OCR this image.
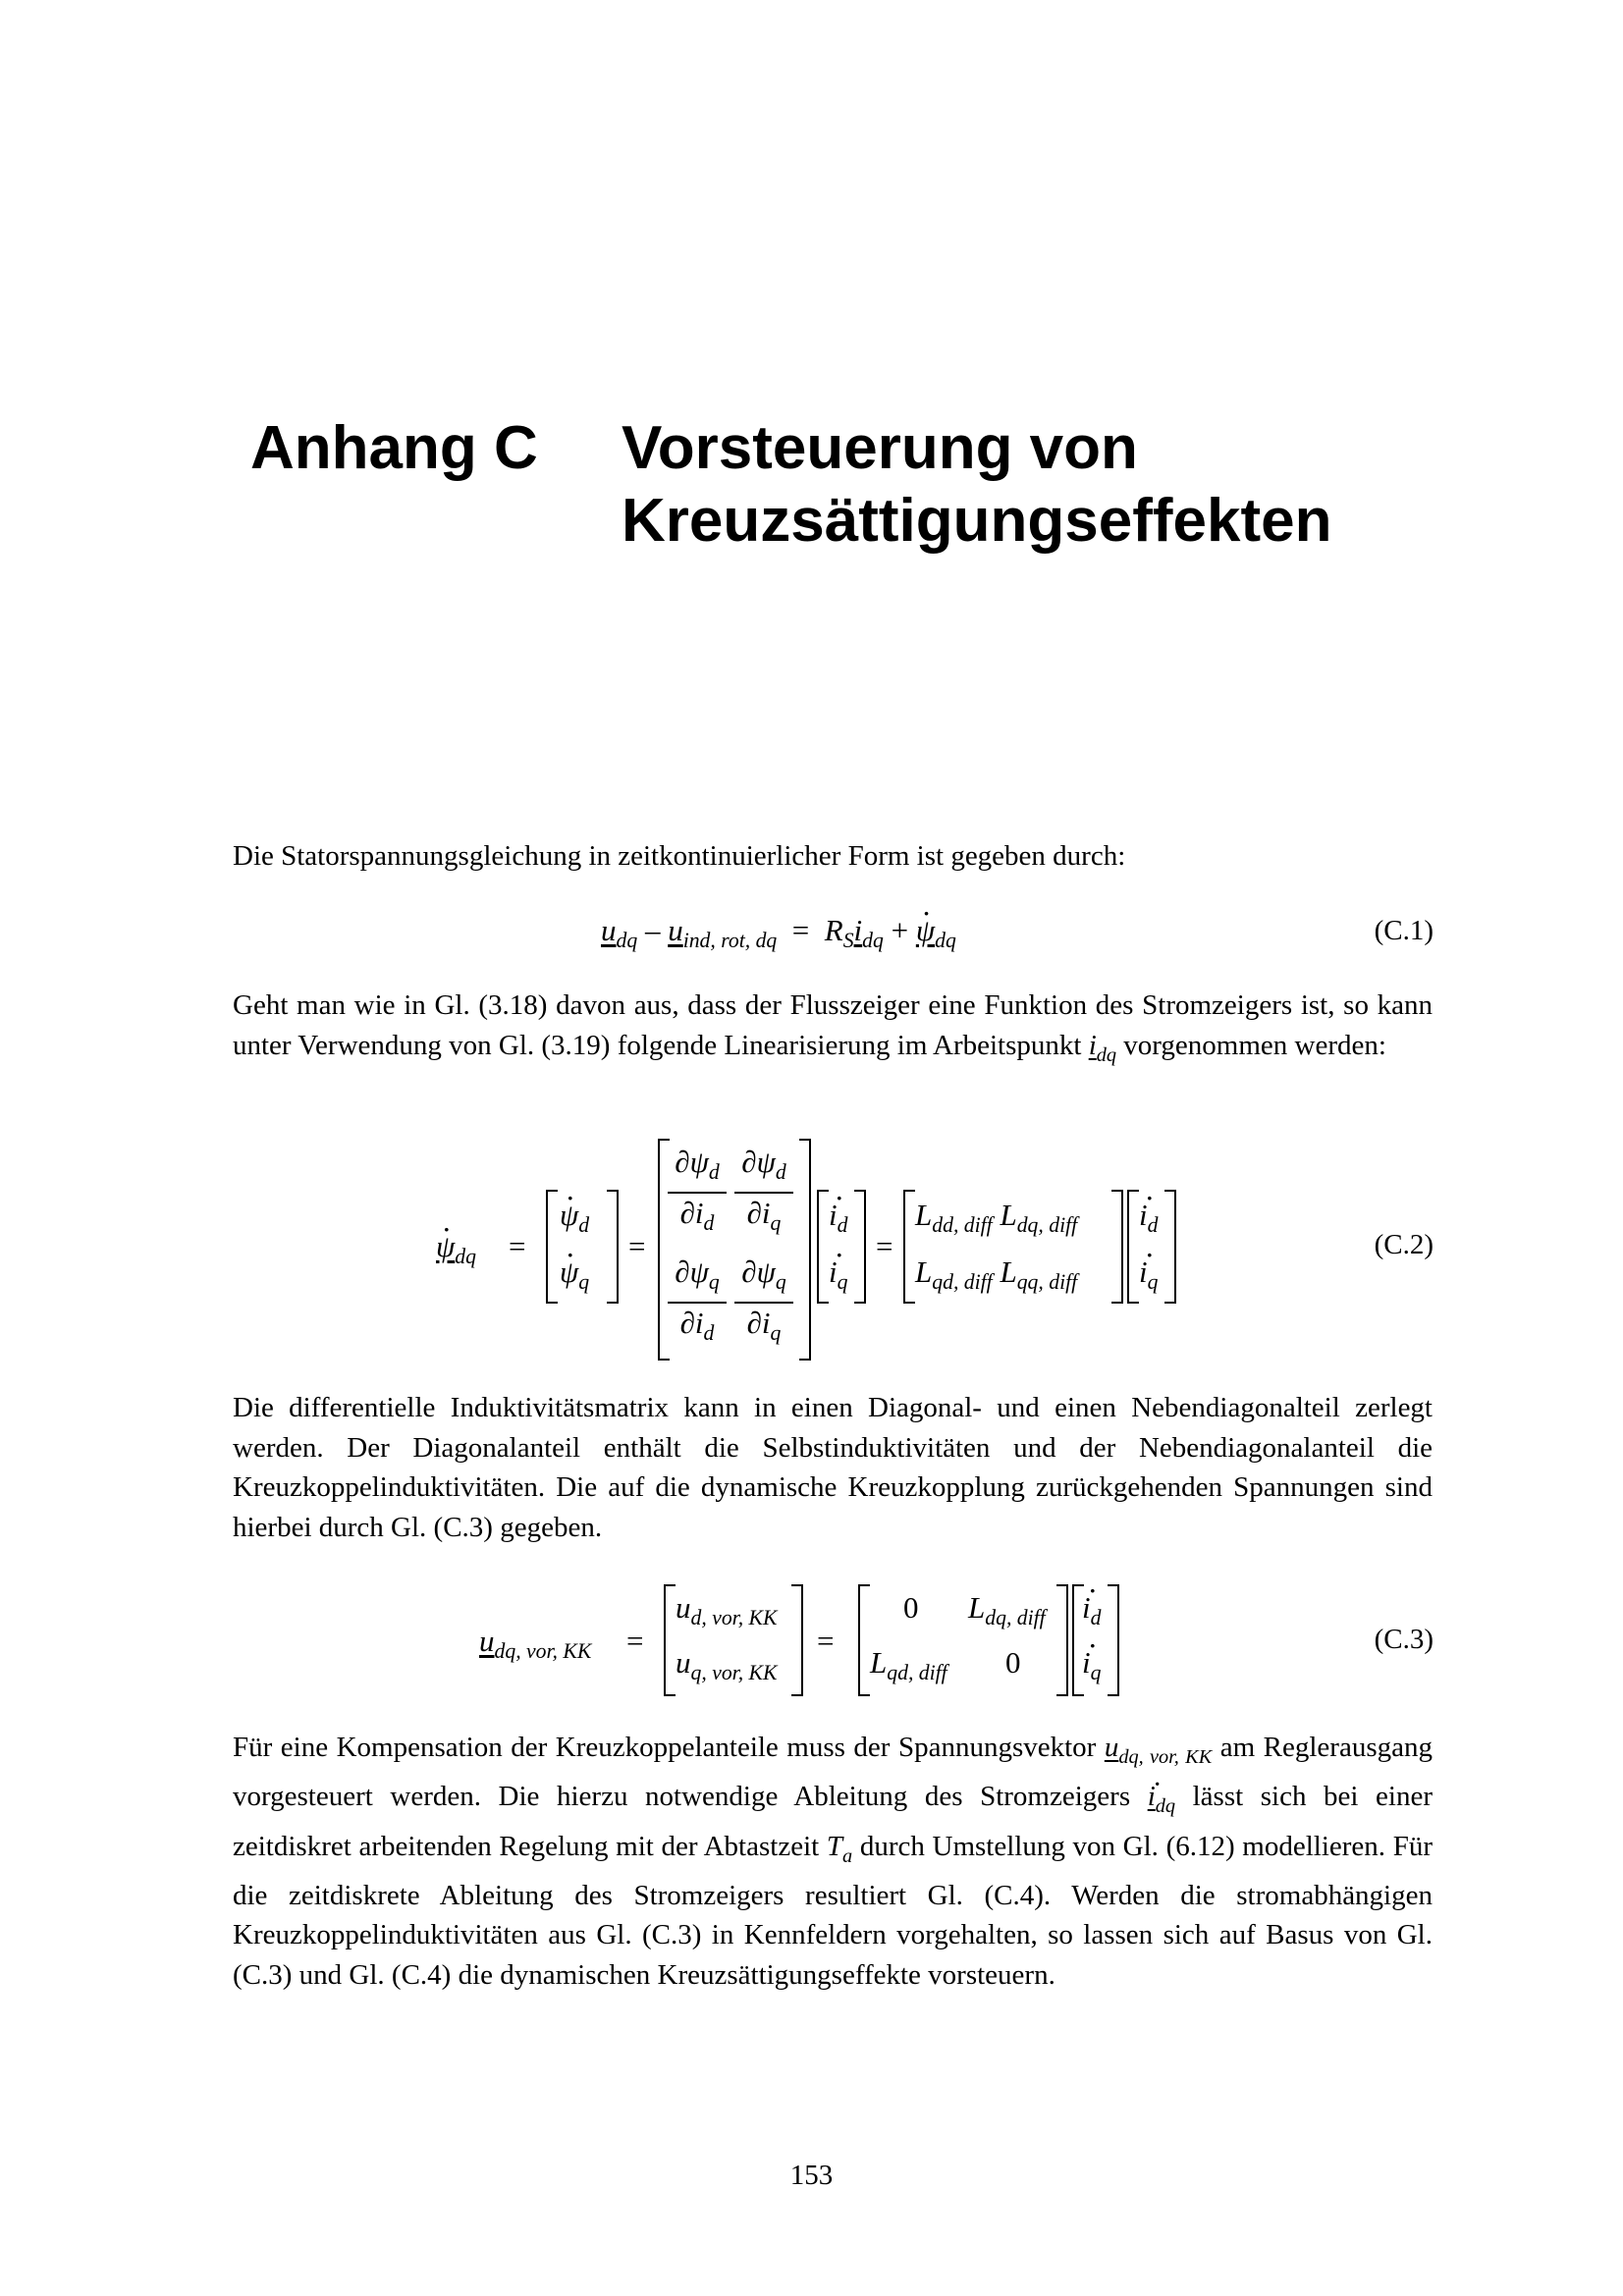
Anhang C Vorsteuerung von
Kreuzsättigungseffekten

Die Statorspannungsgleichung in zeitkontinuierlicher Form ist gegeben durch:

$u_{dq} - u_{ind, rot, dq} = R_Si_{dq}$ + · $\psi_{dq}$	(C.1)

Geht man wie in Gl. (3.18) davon aus, dass der Flusszeiger eine Funktion des Stromzeigers ist, so kann unter Verwendung von Gl. (3.19) folgende Linearisierung im Arbeitspunkt $i_{dq}$ vorgenommen werden:

· $\psi_{dq}$ =
· $\psi_d$
· $\psi_q$
=
$\partial\psi_d$
$\partial i_d$
$\partial\psi_d$
$\partial i_q$
$\partial\psi_q$
$\partial i_d$
$\partial\psi_q$
$\partial i_q$
· $i_d$
· $i_q$
=
$L_{dd, diff}$ $L_{dq, diff}$
$L_{qd, diff}$ $L_{qq, diff}$
· $i_d$
· $i_q$
(C.2)

Die differentielle Induktivitätsmatrix kann in einen Diagonal- und einen Nebendiagonalteil zerlegt werden. Der Diagonalanteil enthält die Selbstinduktivitäten und der Nebendiagonalanteil die Kreuzkoppelinduktivitäten. Die auf die dynamische Kreuzkopplung zurückgehenden Spannungen sind hierbei durch Gl. (C.3) gegeben.

$u_{dq, vor, KK}$ =
$u_{d, vor, KK}$
$u_{q, vor, KK}$
=
0 $L_{dq, diff}$
$L_{qd, diff}$ 0
· $i_d$
· $i_q$
(C.3)

Für eine Kompensation der Kreuzkoppelanteile muss der Spannungsvektor $u_{dq, vor, KK}$ am Reglerausgang vorgesteuert werden. Die hierzu notwendige Ableitung des Stromzeigers · $i_{dq}$ lässt sich bei einer zeitdiskret arbeitenden Regelung mit der Abtastzeit $T_a$ durch Umstellung von Gl. (6.12) modellieren. Für die zeitdiskrete Ableitung des Stromzeigers resultiert Gl. (C.4). Werden die stromabhängigen Kreuzkoppelinduktivitäten aus Gl. (C.3) in Kennfeldern vorgehalten, so lassen sich auf Basus von Gl. (C.3) und Gl. (C.4) die dynamischen Kreuzsättigungseffekte vorsteuern.

153
